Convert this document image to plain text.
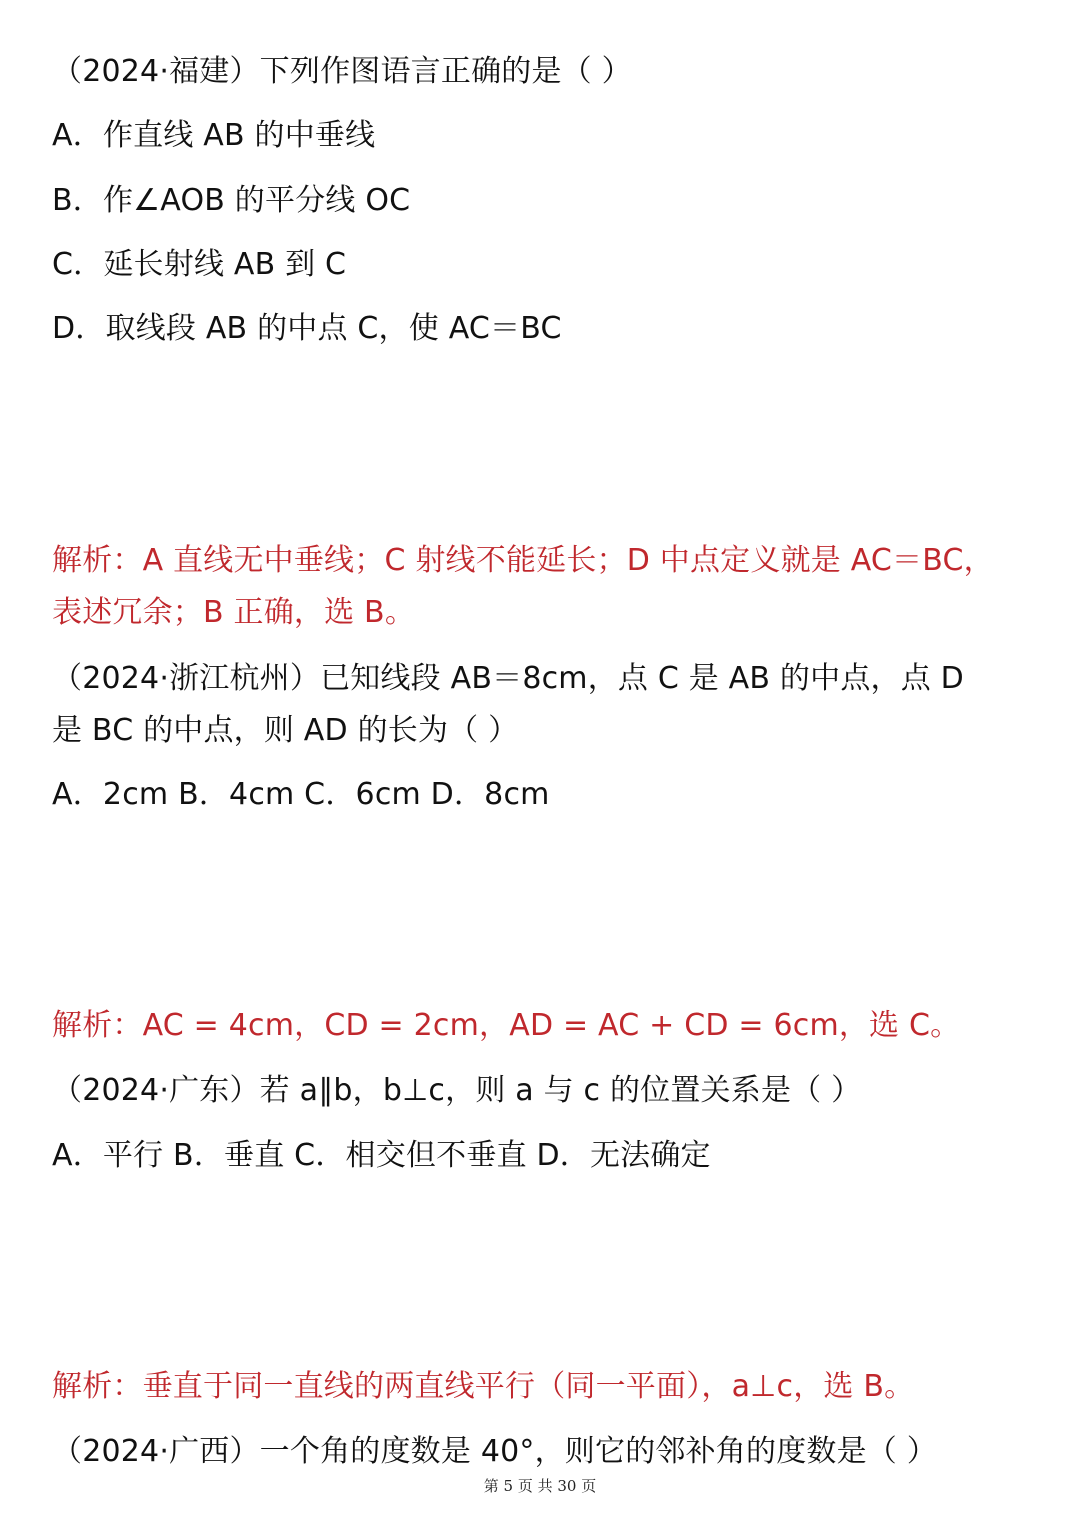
（2024·福建）下列作图语言正确的是（ ）
A．作直线 AB 的中垂线
B．作∠AOB 的平分线 OC
C．延长射线 AB 到 C
D．取线段 AB 的中点 C，使 AC＝BC
解析：A 直线无中垂线；C 射线不能延长；D 中点定义就是 AC＝BC，
表述冗余；B 正确，选 B。
（2024·浙江杭州）已知线段 AB＝8cm，点 C 是 AB 的中点，点 D
是 BC 的中点，则 AD 的长为（ ）
A．2cm B．4cm C．6cm D．8cm
解析：AC = 4cm，CD = 2cm，AD = AC + CD = 6cm，选 C。
（2024·广东）若 a∥b，b⊥c，则 a 与 c 的位置关系是（ ）
A．平行 B．垂直 C．相交但不垂直 D．无法确定
解析：垂直于同一直线的两直线平行（同一平面），a⊥c，选 B。
（2024·广西）一个角的度数是 40°，则它的邻补角的度数是（ ）
第 5 页 共 30 页
